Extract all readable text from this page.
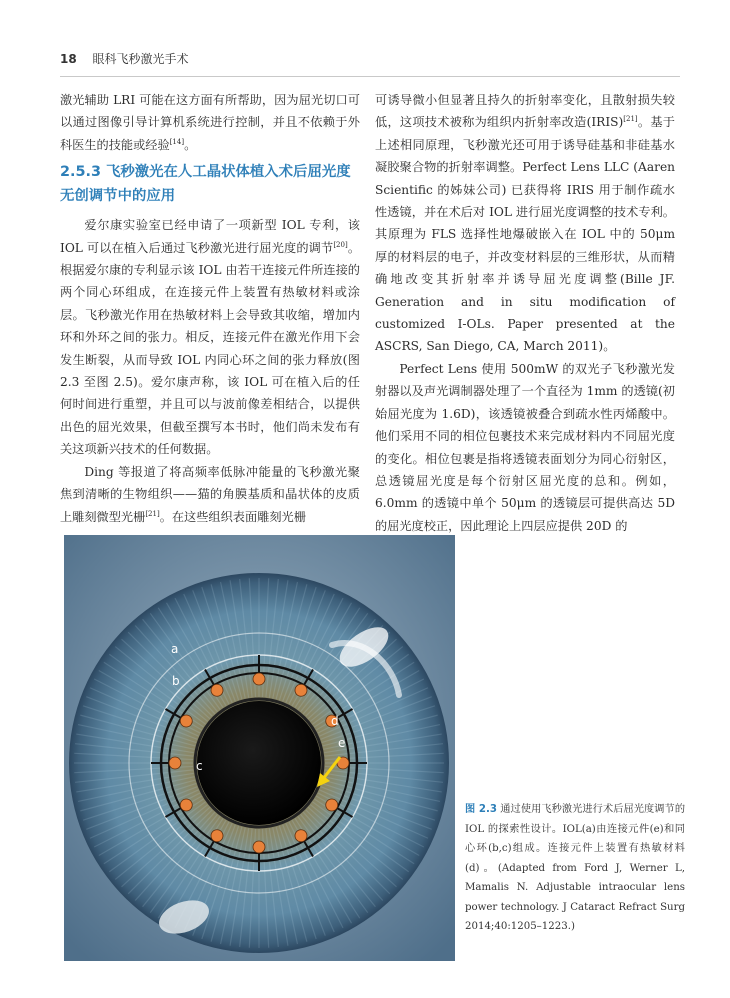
18 眼科飞秒激光手术

激光辅助 LRI 可能在这方面有所帮助，因为屈光切口可以通过图像引导计算机系统进行控制，并且不依赖于外科医生的技能或经验[14]。

2.5.3 飞秒激光在人工晶状体植入术后屈光度无创调节中的应用

爱尔康实验室已经申请了一项新型 IOL 专利，该 IOL 可以在植入后通过飞秒激光进行屈光度的调节[20]。根据爱尔康的专利显示该 IOL 由若干连接元件所连接的两个同心环组成，在连接元件上装置有热敏材料或涂层。飞秒激光作用在热敏材料上会导致其收缩，增加内环和外环之间的张力。相反，连接元件在激光作用下会发生断裂，从而导致 IOL 内同心环之间的张力释放(图 2.3 至图 2.5)。爱尔康声称，该 IOL 可在植入后的任何时间进行重塑，并且可以与波前像差相结合，以提供出色的屈光效果，但截至撰写本书时，他们尚未发布有关这项新兴技术的任何数据。

Ding 等报道了将高频率低脉冲能量的飞秒激光聚焦到清晰的生物组织——猫的角膜基质和晶状体的皮质上雕刻微型光栅[21]。在这些组织表面雕刻光栅

可诱导微小但显著且持久的折射率变化，且散射损失较低，这项技术被称为组织内折射率改造(IRIS)[21]。基于上述相同原理，飞秒激光还可用于诱导硅基和非硅基水凝胶聚合物的折射率调整。Perfect Lens LLC (Aaren Scientific 的姊妹公司) 已获得将 IRIS 用于制作疏水性透镜，并在术后对 IOL 进行屈光度调整的技术专利。其原理为 FLS 选择性地爆破嵌入在 IOL 中的 50μm 厚的材料层的电子，并改变材料层的三维形状，从而精确地改变其折射率并诱导屈光度调整(Bille JF. Generation and in situ modification of customized I-OLs. Paper presented at the ASCRS, San Diego, CA, March 2011)。

Perfect Lens 使用 500mW 的双光子飞秒激光发射器以及声光调制器处理了一个直径为 1mm 的透镜(初始屈光度为 1.6D)，该透镜被叠合到疏水性丙烯酸中。他们采用不同的相位包裹技术来完成材料内不同屈光度的变化。相位包裹是指将透镜表面划分为同心衍射区，总透镜屈光度是每个衍射区屈光度的总和。例如，6.0mm 的透镜中单个 50μm 的透镜层可提供高达 5D 的屈光度校正，因此理论上四层应提供 20D 的

a
b
c
d
e
图 2.3 通过使用飞秒激光进行术后屈光度调节的 IOL 的探索性设计。IOL(a)由连接元件(e)和同心环(b,c)组成。连接元件上装置有热敏材料(d)。(Adapted from Ford J, Werner L, Mamalis N. Adjustable intraocular lens power technology. J Cataract Refract Surg 2014;40:1205–1223.)
